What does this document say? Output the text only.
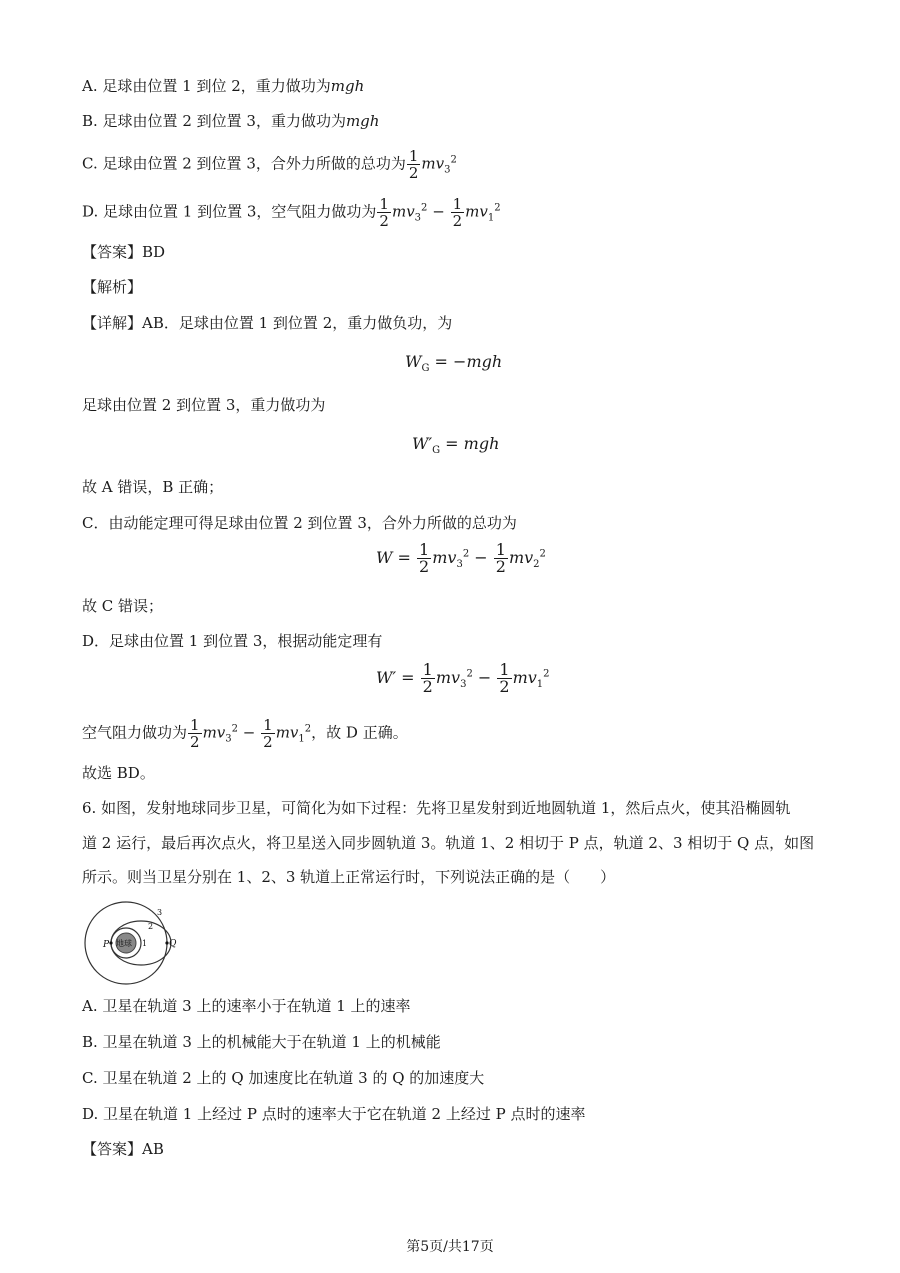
A. 足球由位置 1 到位 2，重力做功为mgh
B. 足球由位置 2 到位置 3，重力做功为mgh
C. 足球由位置 2 到位置 3，合外力所做的总功为 $\frac{1}{2} mv_3^2$
D. 足球由位置 1 到位置 3，空气阻力做功为 $\frac{1}{2} mv_3^2 - \frac{1}{2} mv_1^2$
【答案】BD
【解析】
【详解】AB．足球由位置 1 到位置 2，重力做负功，为
$W_G = -mgh$
足球由位置 2 到位置 3，重力做功为
$W'_G$ = mgh
故 A 错误，B 正确；
C．由动能定理可得足球由位置 2 到位置 3，合外力所做的总功为
$W = \frac{1}{2} mv_3^2 - \frac{1}{2} mv_2^2$
故 C 错误；
D．足球由位置 1 到位置 3，根据动能定理有
$W' = \frac{1}{2} mv_3^2 - \frac{1}{2} mv_1^2$
空气阻力做功为 $\frac{1}{2} mv_3^2 - \frac{1}{2} mv_1^2$，故 D 正确。
故选 BD。
6. 如图，发射地球同步卫星，可简化为如下过程：先将卫星发射到近地圆轨道 1，然后点火，使其沿椭圆轨
道 2 运行，最后再次点火，将卫星送入同步圆轨道 3。轨道 1、2 相切于 P 点，轨道 2、3 相切于 Q 点，如图
所示。则当卫星分别在 1、2、3 轨道上正常运行时，下列说法正确的是（　　）
地球
P	Q
1
2
3
A. 卫星在轨道 3 上的速率小于在轨道 1 上的速率
B. 卫星在轨道 3 上的机械能大于在轨道 1 上的机械能
C. 卫星在轨道 2 上的 Q 加速度比在轨道 3 的 Q 的加速度大
D. 卫星在轨道 1 上经过 P 点时的速率大于它在轨道 2 上经过 P 点时的速率
【答案】AB
第5页/共17页
